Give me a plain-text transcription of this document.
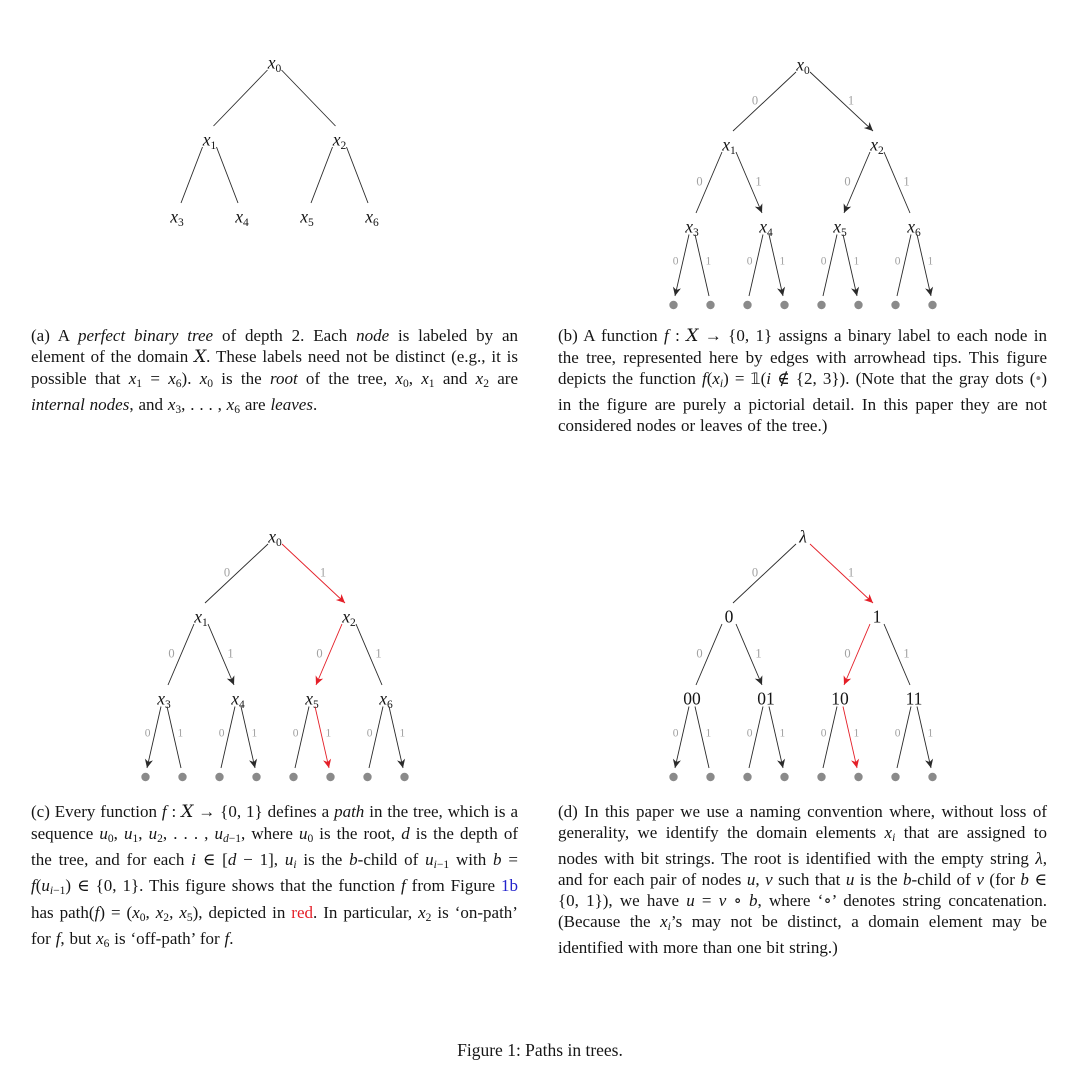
$x_0$
$x_1$	$x_2$
$x_3$	$x_4$	$x_5$	$x_6$
(a) A perfect binary tree of depth 2. Each node is labeled by an element of the domain X. These labels need not be distinct (e.g., it is possible that x1 = x6). x0 is the root of the tree, x0, x1 and x2 are internal nodes, and x3, . . . , x6 are leaves.
0	1
0	1	0	1
0 1	0 1	0 1	0 1
$x_0$
$x_1$	$x_2$
$x_3$	$x_4$	$x_5$	$x_6$
(b) A function f : X → {0, 1} assigns a binary label to each node in the tree, represented here by edges with arrowhead tips. This figure depicts the function f(xi) = 𝟙(i ∉ {2, 3}). (Note that the gray dots (•) in the figure are purely a pictorial detail. In this paper they are not considered nodes or leaves of the tree.)
0	1
0	1	0	1
0 1	0 1	0 1	0 1
$x_0$
$x_1$	$x_2$
$x_3$	$x_4$	$x_5$	$x_6$
(c) Every function f : X → {0, 1} defines a path in the tree, which is a sequence u0, u1, u2, . . . , ud−1, where u0 is the root, d is the depth of the tree, and for each i ∈ [d − 1], ui is the b-child of ui−1 with b = f(ui−1) ∈ {0, 1}. This figure shows that the function f from Figure 1b has path(f) = (x0, x2, x5), depicted in red. In particular, x2 is ‘on-path’ for f, but x6 is ‘off-path’ for f.
0	1
0	1	0	1
0 1	0 1	0 1	0 1
λ
0	1
00	01	10	11
(d) In this paper we use a naming convention where, without loss of generality, we identify the domain elements xi that are assigned to nodes with bit strings. The root is identified with the empty string λ, and for each pair of nodes u, v such that u is the b-child of v (for b ∈ {0, 1}), we have u = v ∘ b, where ‘∘’ denotes string concatenation. (Because the xi’s may not be distinct, a domain element may be identified with more than one bit string.)
Figure 1: Paths in trees.
